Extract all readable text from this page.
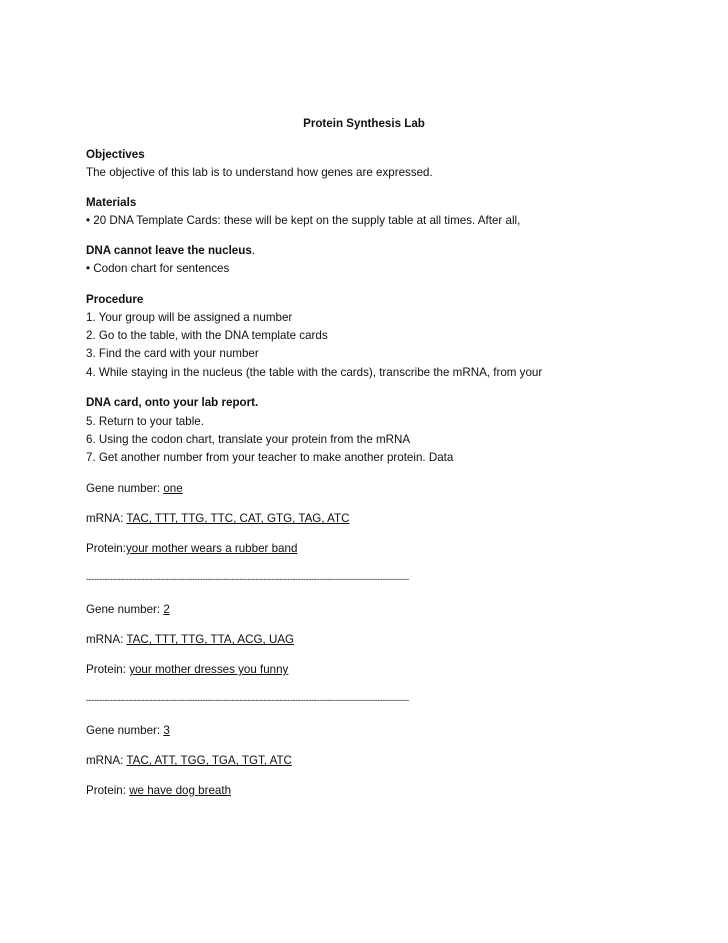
Protein Synthesis Lab
Objectives
The objective of this lab is to understand how genes are expressed.
Materials
• 20 DNA Template Cards: these will be kept on the supply table at all times. After all,
DNA cannot leave the nucleus.
• Codon chart for sentences
Procedure
1. Your group will be assigned a number
2. Go to the table, with the DNA template cards
3. Find the card with your number
4. While staying in the nucleus (the table with the cards), transcribe the mRNA, from your
DNA card, onto your lab report.
5. Return to your table.
6. Using the codon chart, translate your protein from the mRNA
7. Get another number from your teacher to make another protein. Data
Gene number: one
mRNA: TAC, TTT, TTG, TTC, CAT, GTG, TAG, ATC
Protein:your mother wears a rubber band
--------------------------------------------------------------------------------------------------------------------------
Gene number: 2
mRNA: TAC, TTT, TTG, TTA, ACG, UAG
Protein: your mother dresses you funny
--------------------------------------------------------------------------------------------------------------------------
Gene number: 3
mRNA: TAC, ATT, TGG, TGA, TGT, ATC
Protein: we have dog breath
